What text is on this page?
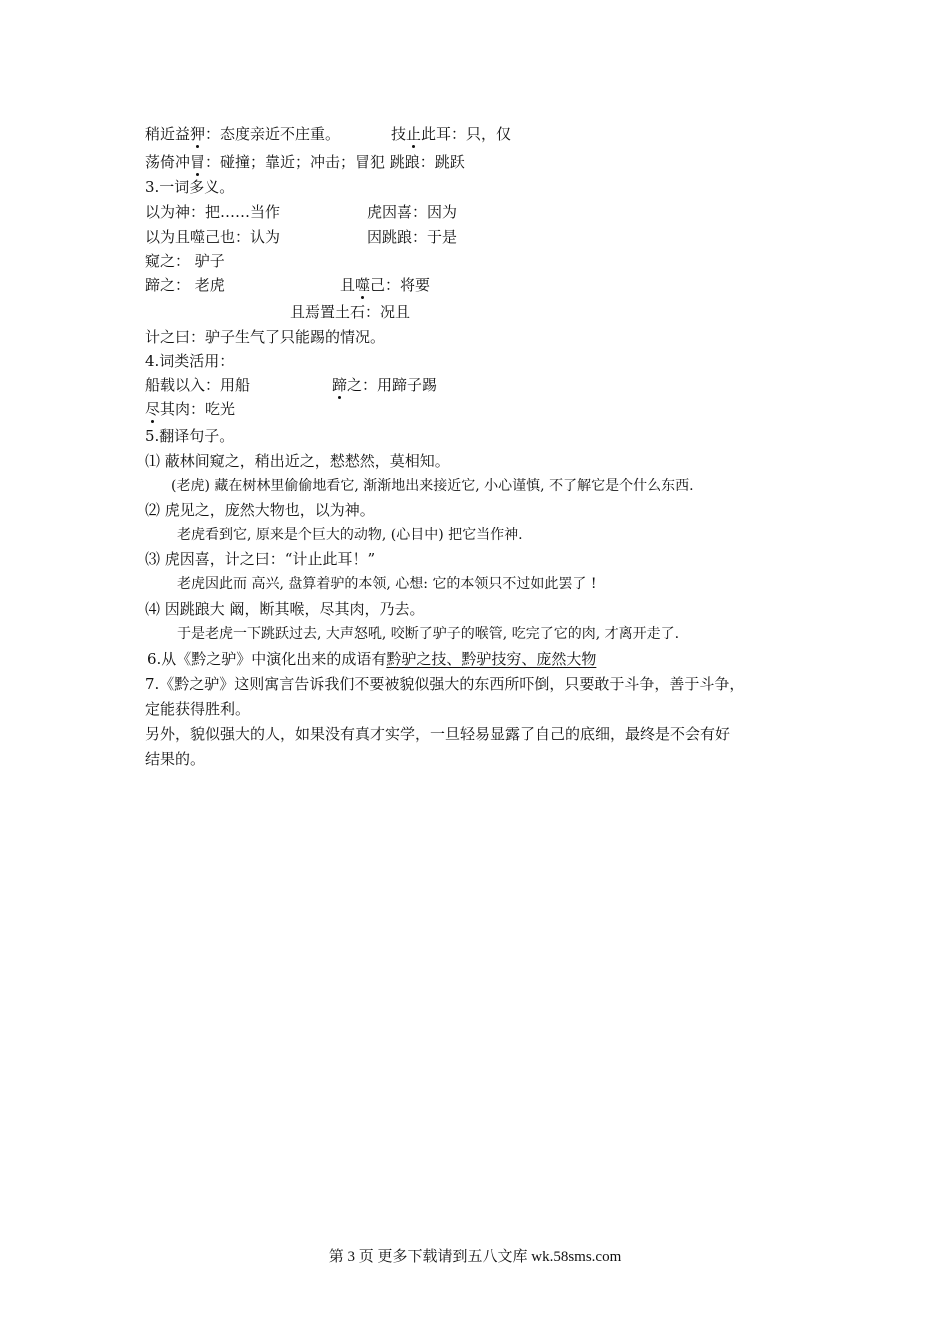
稍近益狎：态度亲近不庄重。	技止此耳：只，仅
荡倚冲冒：碰撞；靠近；冲击；冒犯 跳踉：跳跃
3.一词多义。
以为神：把……当作	虎因喜：因为
以为且噬己也：认为	因跳踉：于是
窥之： 驴子
蹄之： 老虎	且噬己：将要
且焉置土石：况且
计之曰：驴子生气了只能踢的情况。
4.词类活用：
船载以入：用船	蹄之：用蹄子踢
尽其肉：吃光
5.翻译句子。
⑴ 蔽林间窥之，稍出近之，慭慭然，莫相知。
(老虎) 藏在树林里偷偷地看它, 渐渐地出来接近它, 小心谨慎, 不了解它是个什么东西.
⑵ 虎见之，庞然大物也，以为神。
老虎看到它, 原来是个巨大的动物, (心目中) 把它当作神.
⑶ 虎因喜，计之曰：“计止此耳！”
老虎因此而 高兴, 盘算着驴的本领, 心想: 它的本领只不过如此罢了 !
⑷ 因跳踉大 阚，断其喉，尽其肉，乃去。
于是老虎一下跳跃过去, 大声怒吼, 咬断了驴子的喉管, 吃完了它的肉, 才离开走了.
6.从《黔之驴》中演化出来的成语有黔驴之技、黔驴技穷、庞然大物
7.《黔之驴》这则寓言告诉我们不要被貌似强大的东西所吓倒，只要敢于斗争，善于斗争，
定能获得胜利。
另外，貌似强大的人，如果没有真才实学，一旦轻易显露了自己的底细，最终是不会有好
结果的。
第 3 页 更多下载请到五八文库 wk.58sms.com
